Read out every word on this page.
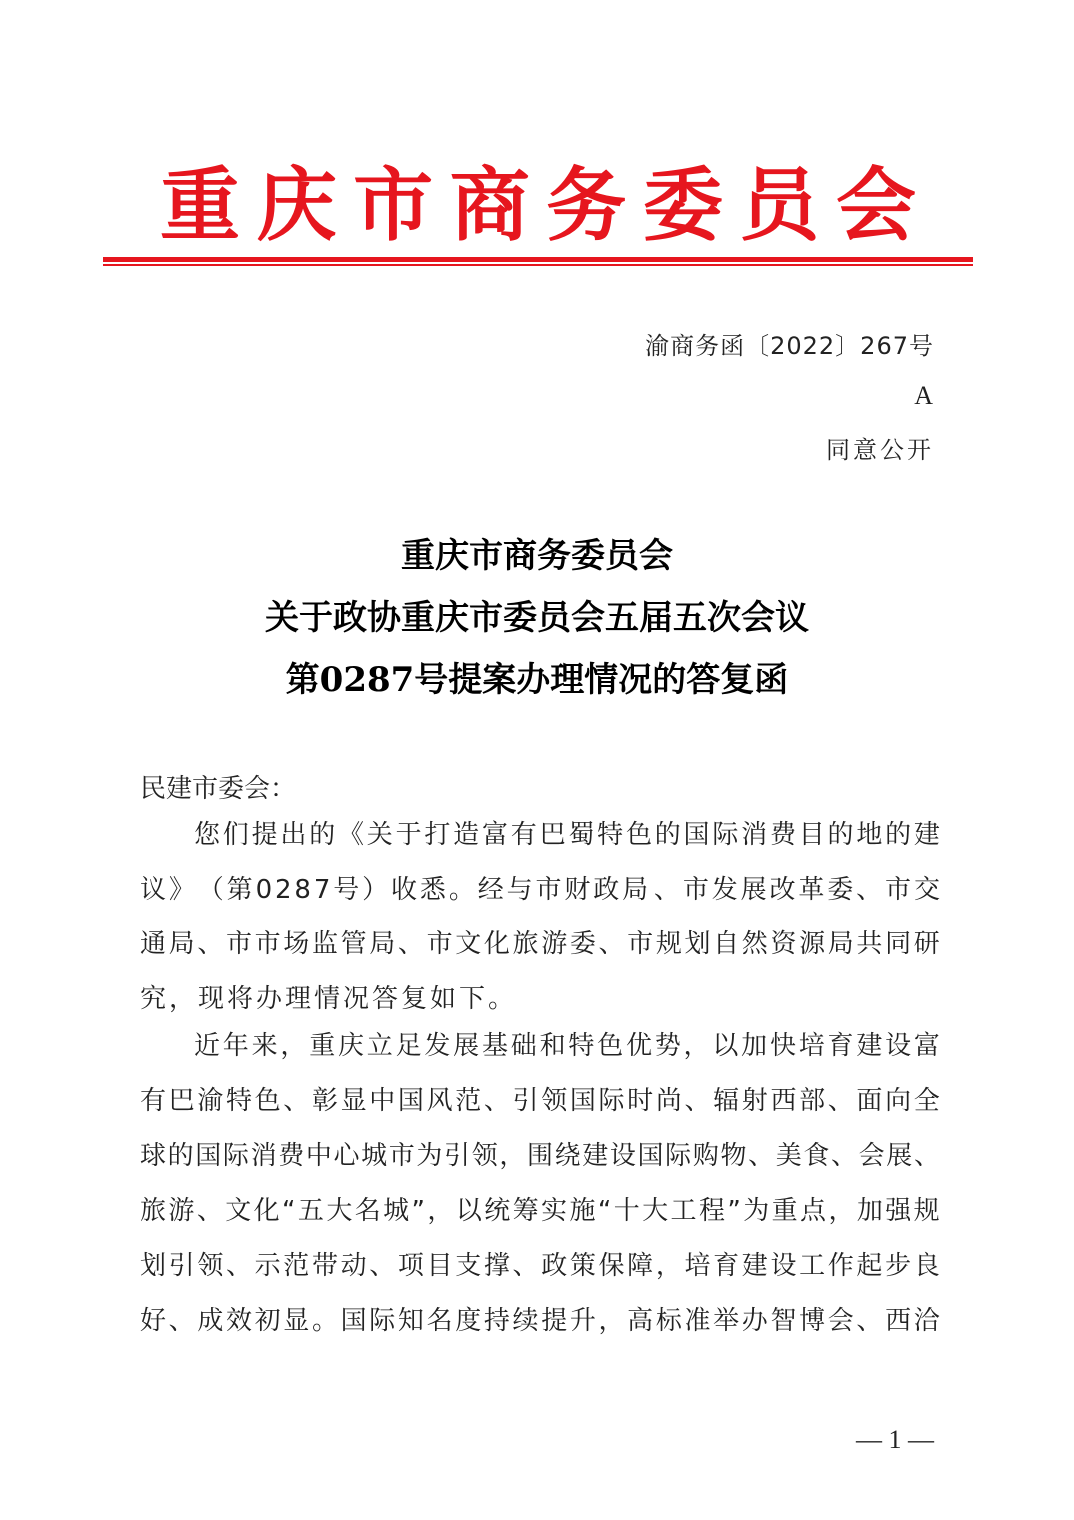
重 庆 市 商 务 委 员 会
渝商务函〔2022〕267号
A
同意公开
重庆市商务委员会
关于政协重庆市委员会五届五次会议
第0287号提案办理情况的答复函
民建市委会：
您 们 提 出 的 《 关 于 打 造 富 有 巴 蜀 特 色 的 国 际 消 费 目 的 地 的 建
议 》 （ 第 0 2 8 7 号 ） 收 悉 。 经 与 市 财 政 局 、 市 发 展 改 革 委 、 市 交
通 局 、 市 市 场 监 管 局 、 市 文 化 旅 游 委 、 市 规 划 自 然 资 源 局 共 同 研
究，现将办理情况答复如下。
近 年 来 ， 重 庆 立 足 发 展 基 础 和 特 色 优 势 ， 以 加 快 培 育 建 设 富
有 巴 渝 特 色 、 彰 显 中 国 风 范 、 引 领 国 际 时 尚 、 辐 射 西 部 、 面 向 全
球 的 国 际 消 费 中 心 城 市 为 引 领 ， 围 绕 建 设 国 际 购 物 、 美 食 、 会 展 、
旅 游 、 文 化 “ 五 大 名 城 ” ， 以 统 筹 实 施 “ 十 大 工 程 ” 为 重 点 ， 加 强 规
划 引 领 、 示 范 带 动 、 项 目 支 撑 、 政 策 保 障 ， 培 育 建 设 工 作 起 步 良
好 、 成 效 初 显 。 国 际 知 名 度 持 续 提 升 ， 高 标 准 举 办 智 博 会 、 西 洽
— 1 —
